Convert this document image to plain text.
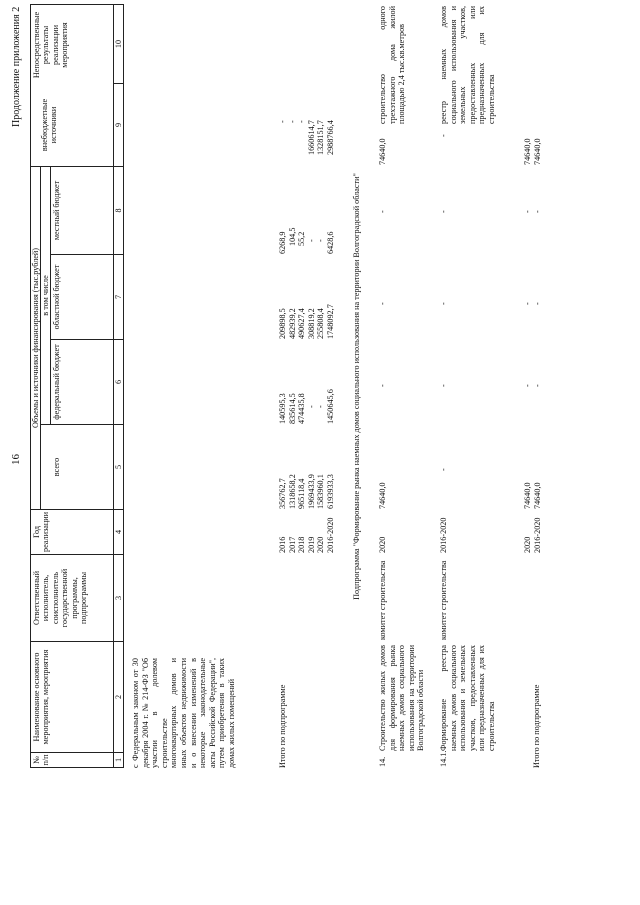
16
Продолжение приложения 2
№
п/п
Наименование основного мероприятия, мероприятия
Ответственный исполнитель, соисполнитель государственной программы, подпрограммы
Год реализации
Объемы и источники финансирования (тыс.рублей)
всего
в том числе
федеральный бюджет
областной бюджет
местный бюджет
внебюджетные источники
Непосредственные результаты реализации мероприятия
1
2
3
4
5
6
7
8
9
10
с Федеральным законом от 30 декабря 2004 г. № 214-ФЗ "Об участии в долевом строительстве многоквартирных домов и иных объектов недвижимости и о внесении изменений в некоторые законодательные акты Российской Федерации", путем приобретения в таких домах жилых помещений	Итого по подпрограмме
2016 2017 2018 2019 2020 2016-2020
356762,7 1318658,2 965118,4 1969433,9 1583960,1 6193933,3
140595,3 835614,5 474435,8 - - 1450645,6
209898,5 482939,2 490627,4 308819,2 255808,4 1748092,7
6268,9 104,5 55,2 - - 6428,6
- - - 1660614,7 1328151,7 2988766,4
Подпрограмма "Формирование рынка наемных домов социального использования на территории Волгоградской области"
14.
Строительство жилых домов для формирования рынка наемных домов социального использования на территории Волгоградской области
комитет строительства
2020
74640,0
-
-
-
74640,0
строительство одного трехэтажного дома жилой площадью 2,4 тыс.кв.метров
14.1.
Формирование реестра наемных домов социального использования и земельных участков, предоставленных или предназначенных для их строительства
комитет строительства
2016-2020
-
-
-
-
-
реестр наемных домов социального использования и земельных участков, предоставленных или предназначенных для их строительства
Итого по подпрограмме
2020 2016-2020
74640,0 74640,0
- -
- -
- -
74640,0 74640,0
